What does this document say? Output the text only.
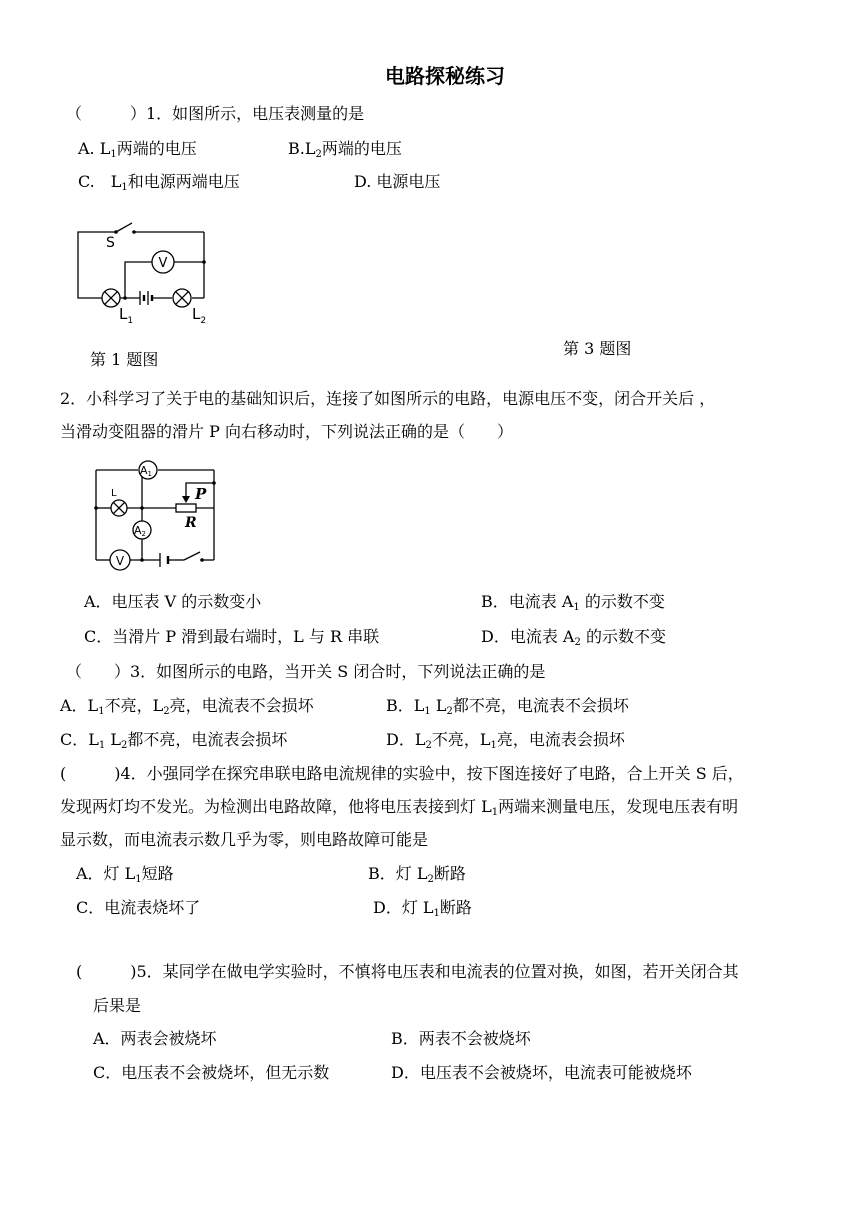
电路探秘练习
（　　　）1．如图所示，电压表测量的是
A. $L_1$两端的电压	$B.L_2$两端的电压
C.　$L_1$和电源两端电压	D. 电源电压
V
S
$L_1$	$L_2$
第 1 题图
第 3 题图
2．小科学习了关于电的基础知识后，连接了如图所示的电路，电源电压不变，闭合开关后 ，
当滑动变阻器的滑片 P 向右移动时，下列说法正确的是（　　）
A1
L
A2
V
P
R
A．电压表 V 的示数变小	B．电流表 $A_1$ 的示数不变
C．当滑片 P 滑到最右端时，L 与 R 串联	D．电流表 $A_2$ 的示数不变
（　　）3．如图所示的电路，当开关 S 闭合时，下列说法正确的是
A．$L_1$不亮，$L_2$亮，电流表不会损坏	B．$L_1$ $L_2$都不亮，电流表不会损坏
C．$L_1$ $L_2$都不亮，电流表会损坏	D．$L_2$不亮，$L_1$亮，电流表会损坏
(　　　)4．小强同学在探究串联电路电流规律的实验中，按下图连接好了电路，合上开关 S 后，
发现两灯均不发光。为检测出电路故障，他将电压表接到灯 $L_1$两端来测量电压，发现电压表有明
显示数，而电流表示数几乎为零，则电路故障可能是
A．灯 $L_1$短路	B．灯 $L_2$断路
C．电流表烧坏了	D．灯 $L_1$断路
(　　　)5．某同学在做电学实验时，不慎将电压表和电流表的位置对换，如图，若开关闭合其
后果是
A．两表会被烧坏	B．两表不会被烧坏
C．电压表不会被烧坏，但无示数	D．电压表不会被烧坏，电流表可能被烧坏
